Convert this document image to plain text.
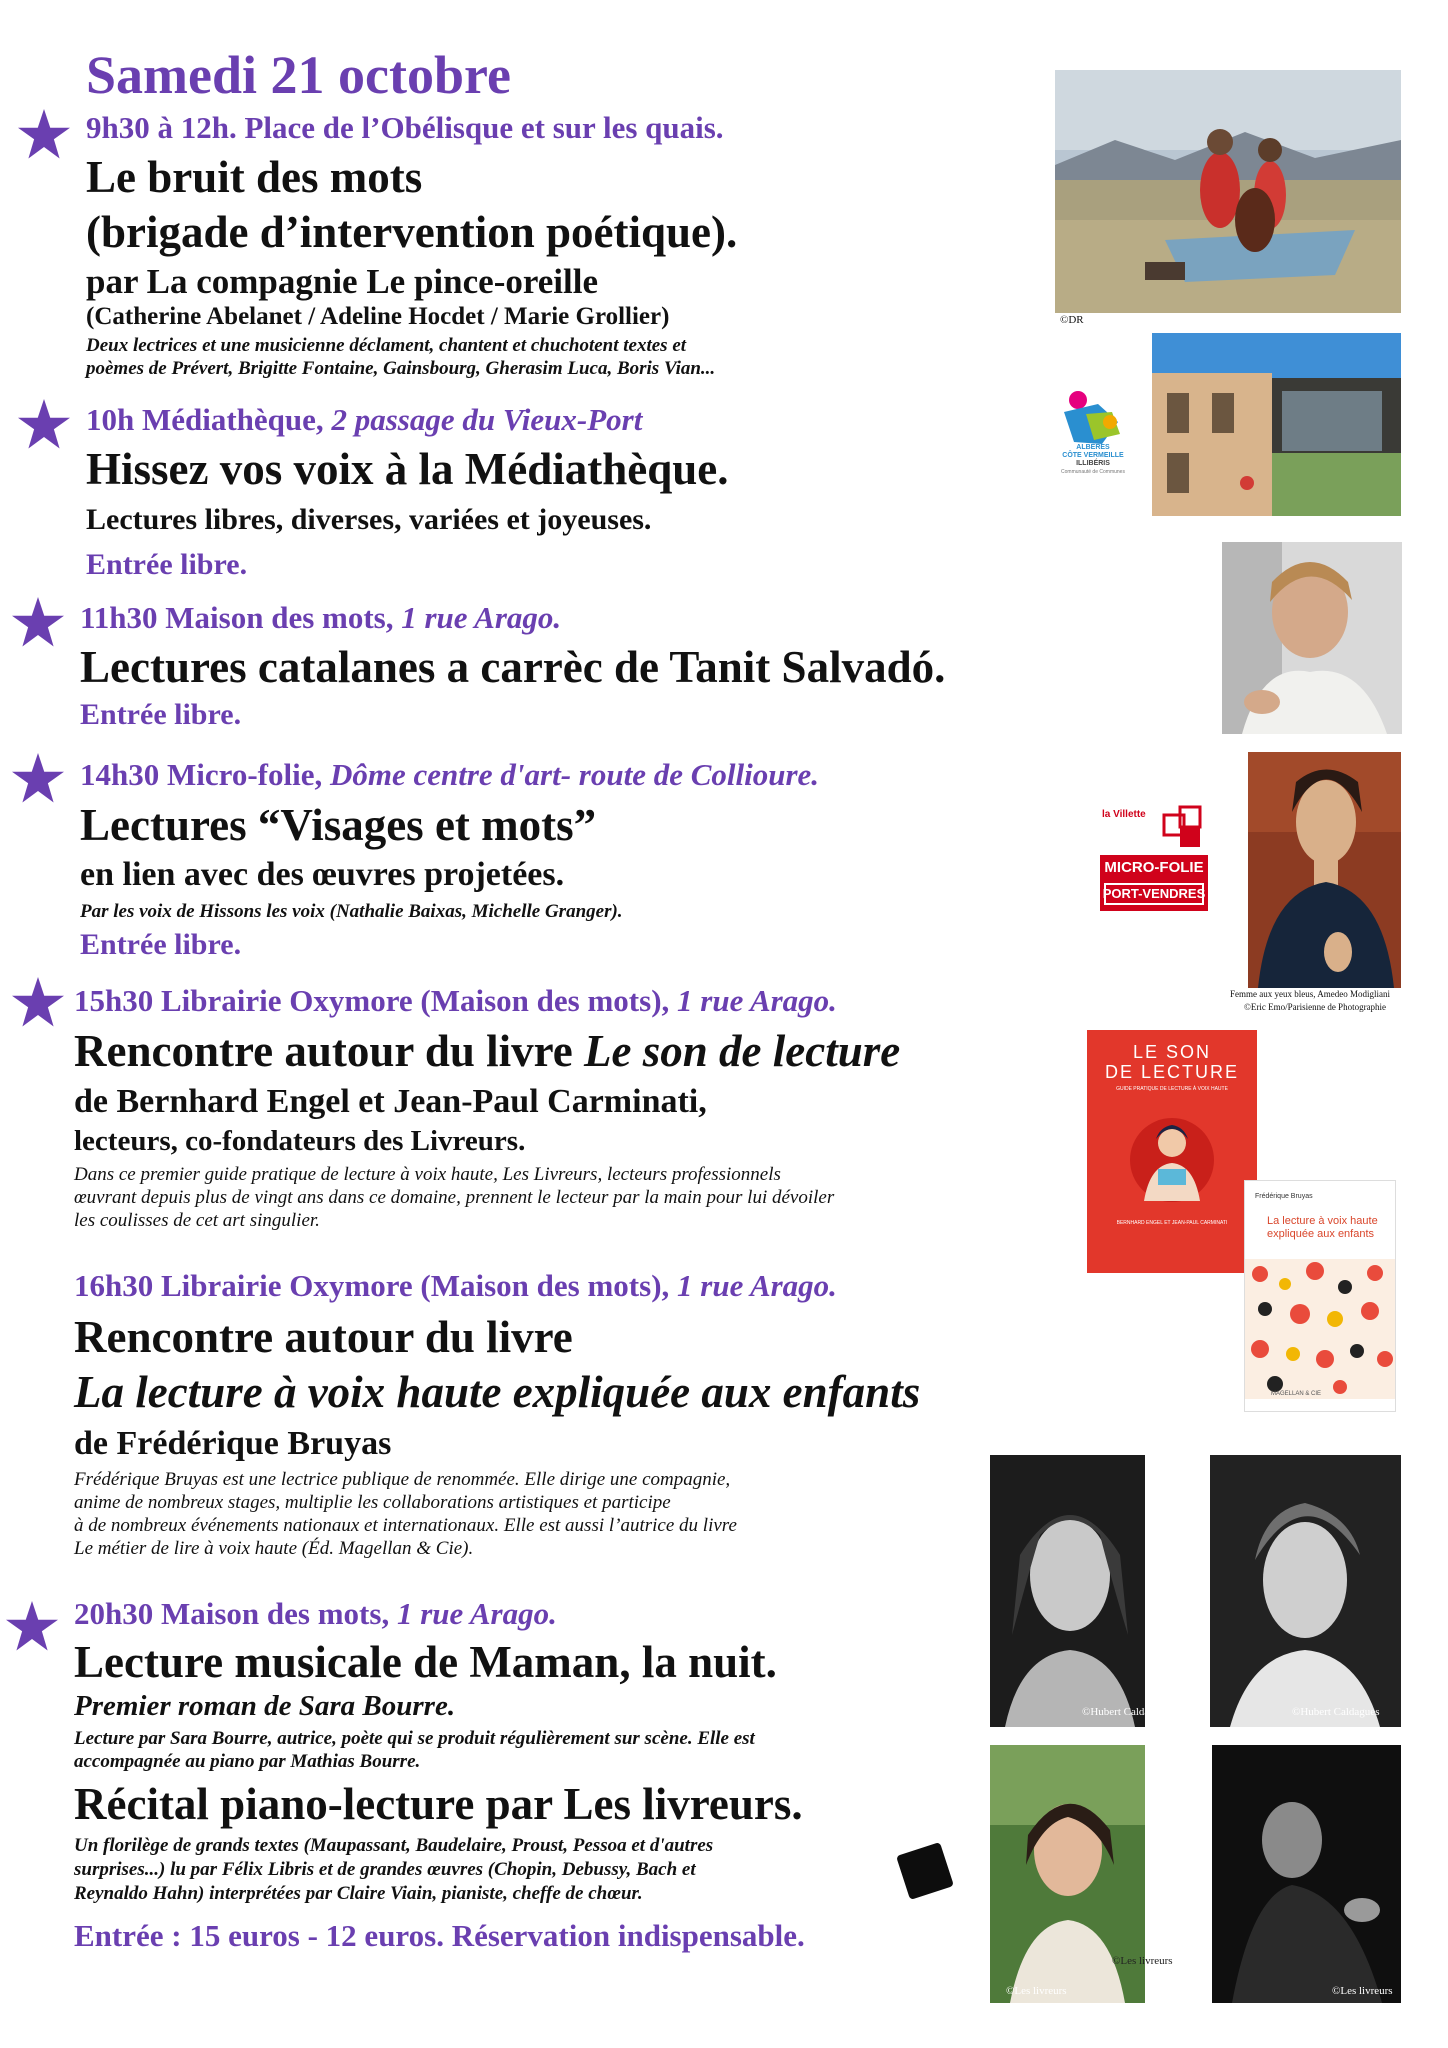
Samedi 21 octobre
9h30 à 12h. Place de l’Obélisque et sur les quais.
Le bruit des mots
(brigade d’intervention poétique).
par La compagnie Le pince-oreille
(Catherine Abelanet / Adeline Hocdet / Marie Grollier)
Deux lectrices et une musicienne déclament, chantent et chuchotent textes et
poèmes de Prévert, Brigitte Fontaine, Gainsbourg, Gherasim Luca, Boris Vian...
©DR
10h Médiathèque, 2 passage du Vieux-Port
Hissez vos voix à la Médiathèque.
Lectures libres, diverses, variées et joyeuses.
Entrée libre.
ALBÈRES
CÔTE VERMEILLE
ILLIBÉRIS
Communauté de Communes
11h30 Maison des mots, 1 rue Arago.
Lectures catalanes a carrèc de Tanit Salvadó.
Entrée libre.
14h30 Micro-folie, Dôme centre d'art- route de Collioure.
Lectures “Visages et mots”
en lien avec des œuvres projetées.
Par les voix de Hissons les voix (Nathalie Baixas, Michelle Granger).
Entrée libre.
la Villette
MICRO-FOLIE
PORT-VENDRES
Femme aux yeux bleus, Amedeo Modigliani
©Eric Emo/Parisienne de Photographie
15h30 Librairie Oxymore (Maison des mots), 1 rue Arago.
Rencontre autour du livre Le son de lecture
de Bernhard Engel et Jean-Paul Carminati,
lecteurs, co-fondateurs des Livreurs.
Dans ce premier guide pratique de lecture à voix haute, Les Livreurs, lecteurs professionnels
œuvrant depuis plus de vingt ans dans ce domaine, prennent le lecteur par la main pour lui dévoiler
les coulisses de cet art singulier.
LE SON
DE LECTURE
GUIDE PRATIQUE DE LECTURE À VOIX HAUTE
BERNHARD ENGEL ET JEAN-PAUL CARMINATI
16h30 Librairie Oxymore (Maison des mots), 1 rue Arago.
Rencontre autour du livre
La lecture à voix haute expliquée aux enfants
de Frédérique Bruyas
Frédérique Bruyas est une lectrice publique de renommée. Elle dirige une compagnie,
anime de nombreux stages, multiplie les collaborations artistiques et participe
à de nombreux événements nationaux et internationaux. Elle est aussi l’autrice du livre
Le métier de lire à voix haute (Éd. Magellan & Cie).
Frédérique Bruyas
La lecture à voix haute
expliquée aux enfants
MAGELLAN & CIE
©Hubert Caldagues	©Hubert Caldagues
©Les livreurs
©Les livreurs	©Les livreurs
20h30 Maison des mots, 1 rue Arago.
Lecture musicale de Maman, la nuit.
Premier roman de Sara Bourre.
Lecture par Sara Bourre, autrice, poète qui se produit régulièrement sur scène. Elle est
accompagnée au piano par Mathias Bourre.
Récital piano-lecture par Les livreurs.
Un florilège de grands textes (Maupassant, Baudelaire, Proust, Pessoa et d'autres
surprises...) lu par Félix Libris et de grandes œuvres (Chopin, Debussy, Bach et
Reynaldo Hahn) interprétées par Claire Viain, pianiste, cheffe de chœur.
Entrée : 15 euros - 12 euros. Réservation indispensable.
